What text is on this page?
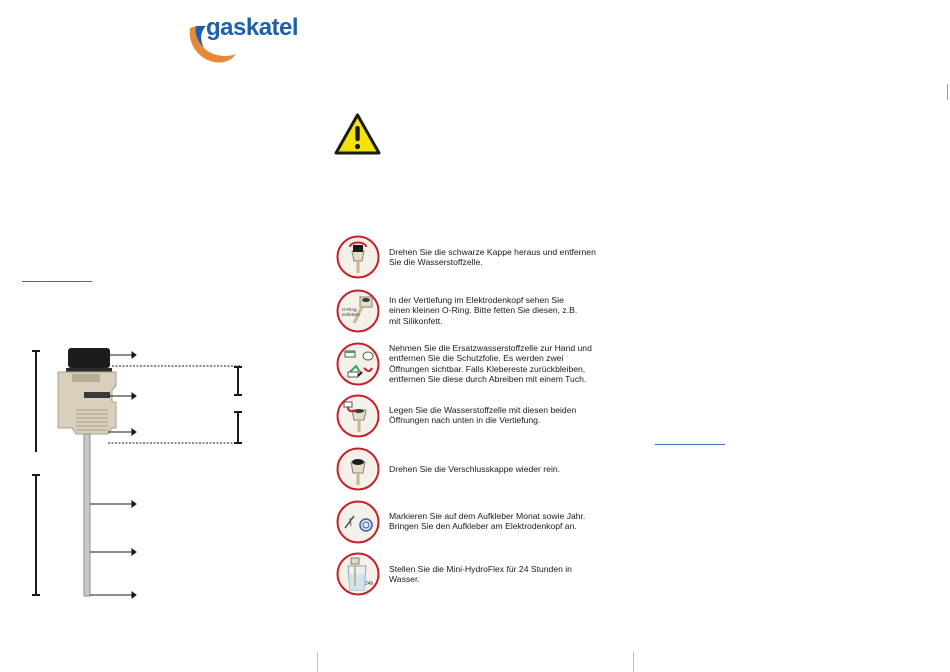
gaskatel
Drehen Sie die schwarze Kappe heraus und entfernen
Sie die Wasserstoffzelle.
O-Ring
einfetten
In der Vertiefung im Elektrodenkopf sehen Sie
einen kleinen O-Ring. Bitte fetten Sie diesen, z.B.
mit Silikonfett.
Nehmen Sie die Ersatzwasserstoffzelle zur Hand und
entfernen Sie die Schutzfolie. Es werden zwei
Öffnungen sichtbar. Falls Klebereste zurückbleiben,
entfernen Sie diese durch Abreiben mit einem Tuch.
Legen Sie die Wasserstoffzelle mit diesen beiden
Öffnungen nach unten in die Vertiefung.
Drehen Sie die Verschlusskappe wieder rein.
Markieren Sie auf dem Aufkleber Monat sowie Jahr.
Bringen Sie den Aufkleber am Elektrodenkopf an.
24h
Stellen Sie die Mini-HydroFlex für 24 Stunden in
Wasser.
